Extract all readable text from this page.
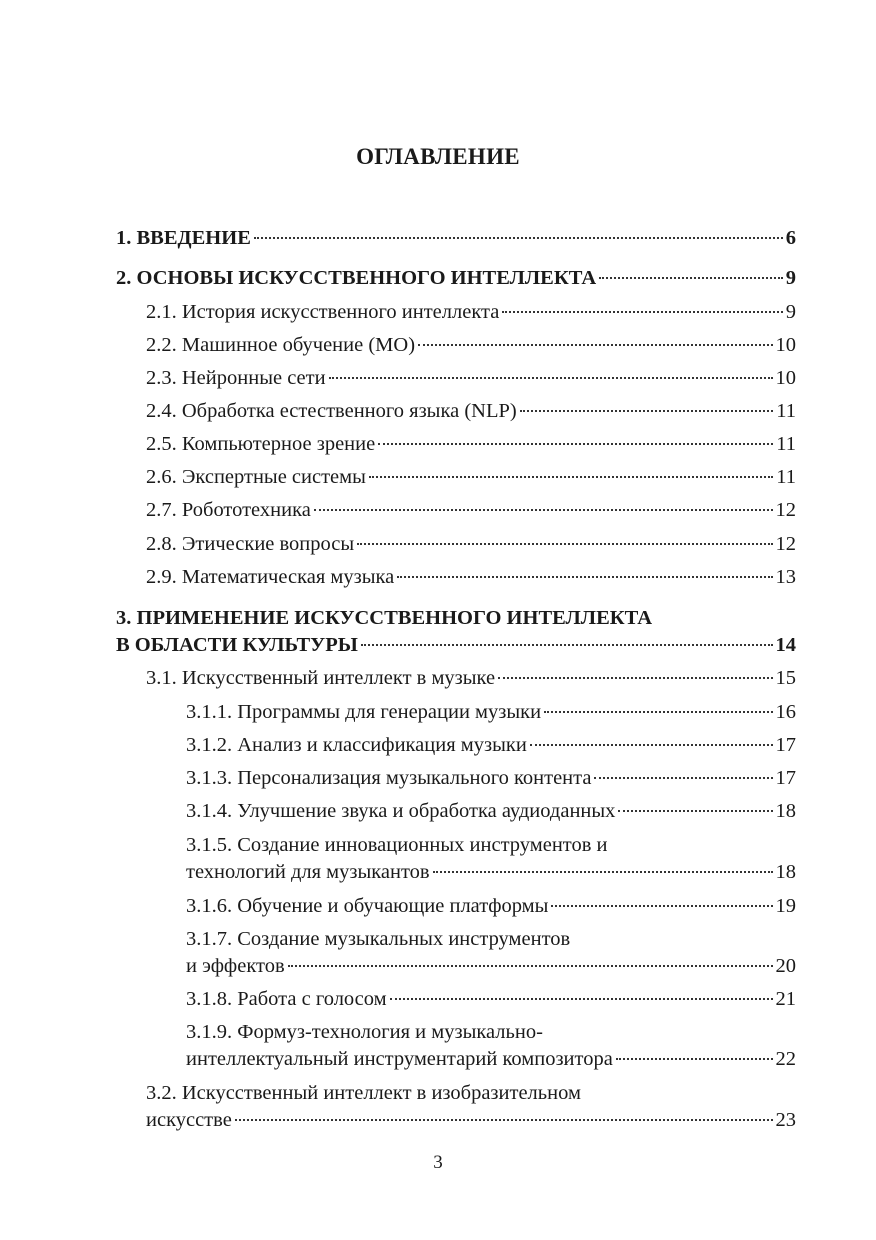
ОГЛАВЛЕНИЕ
1. ВВЕДЕНИЕ	6
2. ОСНОВЫ ИСКУССТВЕННОГО ИНТЕЛЛЕКТА	9
2.1. История искусственного интеллекта	9
2.2. Машинное обучение (МО)	10
2.3. Нейронные сети	10
2.4. Обработка естественного языка (NLP)	11
2.5. Компьютерное зрение	11
2.6. Экспертные системы	11
2.7. Робототехника	12
2.8. Этические вопросы	12
2.9. Математическая музыка	13
3. ПРИМЕНЕНИЕ ИСКУССТВЕННОГО ИНТЕЛЛЕКТА
В ОБЛАСТИ КУЛЬТУРЫ	14
3.1. Искусственный интеллект в музыке	15
3.1.1. Программы для генерации музыки	16
3.1.2. Анализ и классификация музыки	17
3.1.3. Персонализация музыкального контента	17
3.1.4. Улучшение звука и обработка аудиоданных	18
3.1.5. Создание инновационных инструментов и
технологий для музыкантов	18
3.1.6. Обучение и обучающие платформы	19
3.1.7. Создание музыкальных инструментов
и эффектов	20
3.1.8. Работа с голосом	21
3.1.9. Формуз-технология и музыкально-
интеллектуальный инструментарий композитора	22
3.2. Искусственный интеллект в изобразительном
искусстве	23
3
